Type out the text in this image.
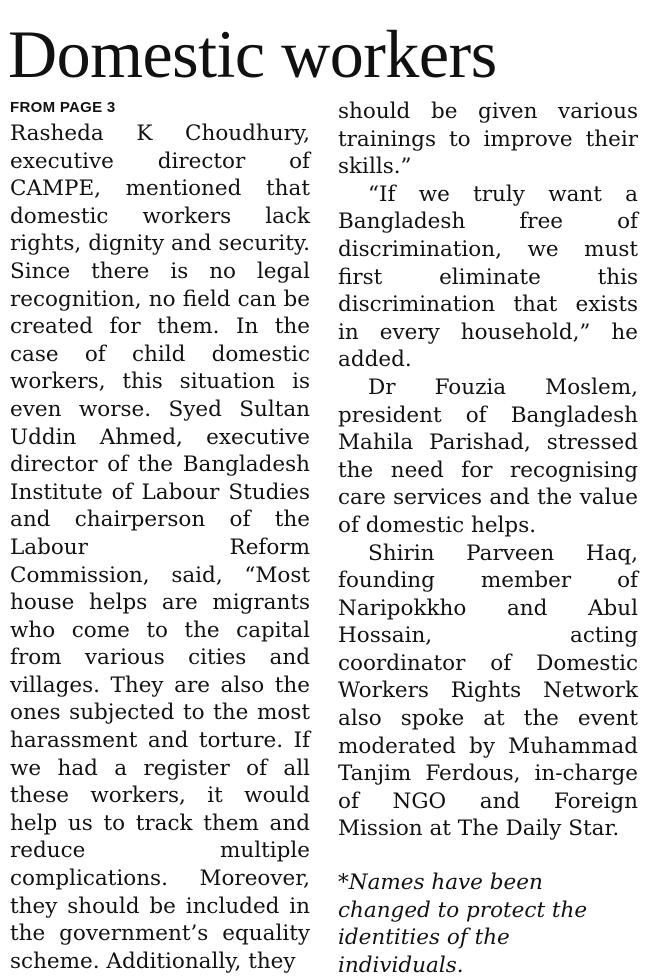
Domestic workers
FROM PAGE 3

Rasheda K Choudhury, executive director of CAMPE, mentioned that domestic workers lack rights, dignity and security. Since there is no legal recognition, no field can be created for them. In the case of child domestic workers, this situation is even worse. Syed Sultan Uddin Ahmed, executive director of the Bangladesh Institute of Labour Studies and chairperson of the Labour Reform Commission, said, “Most house helps are migrants who come to the capital from various cities and villages. They are also the ones subjected to the most harassment and torture. If we had a register of all these workers, it would help us to track them and reduce multiple complications. Moreover, they should be included in the government’s equality scheme. Additionally, they

should be given various trainings to improve their skills.”

“If we truly want a Bangladesh free of discrimination, we must first eliminate this discrimination that exists in every household,” he added.

Dr Fouzia Moslem, president of Bangladesh Mahila Parishad, stressed the need for recognising care services and the value of domestic helps.

Shirin Parveen Haq, founding member of Naripokkho and Abul Hossain, acting coordinator of Domestic Workers Rights Network also spoke at the event moderated by Muhammad Tanjim Ferdous, in-charge of NGO and Foreign Mission at The Daily Star.

*Names have been changed to protect the identities of the individuals.
